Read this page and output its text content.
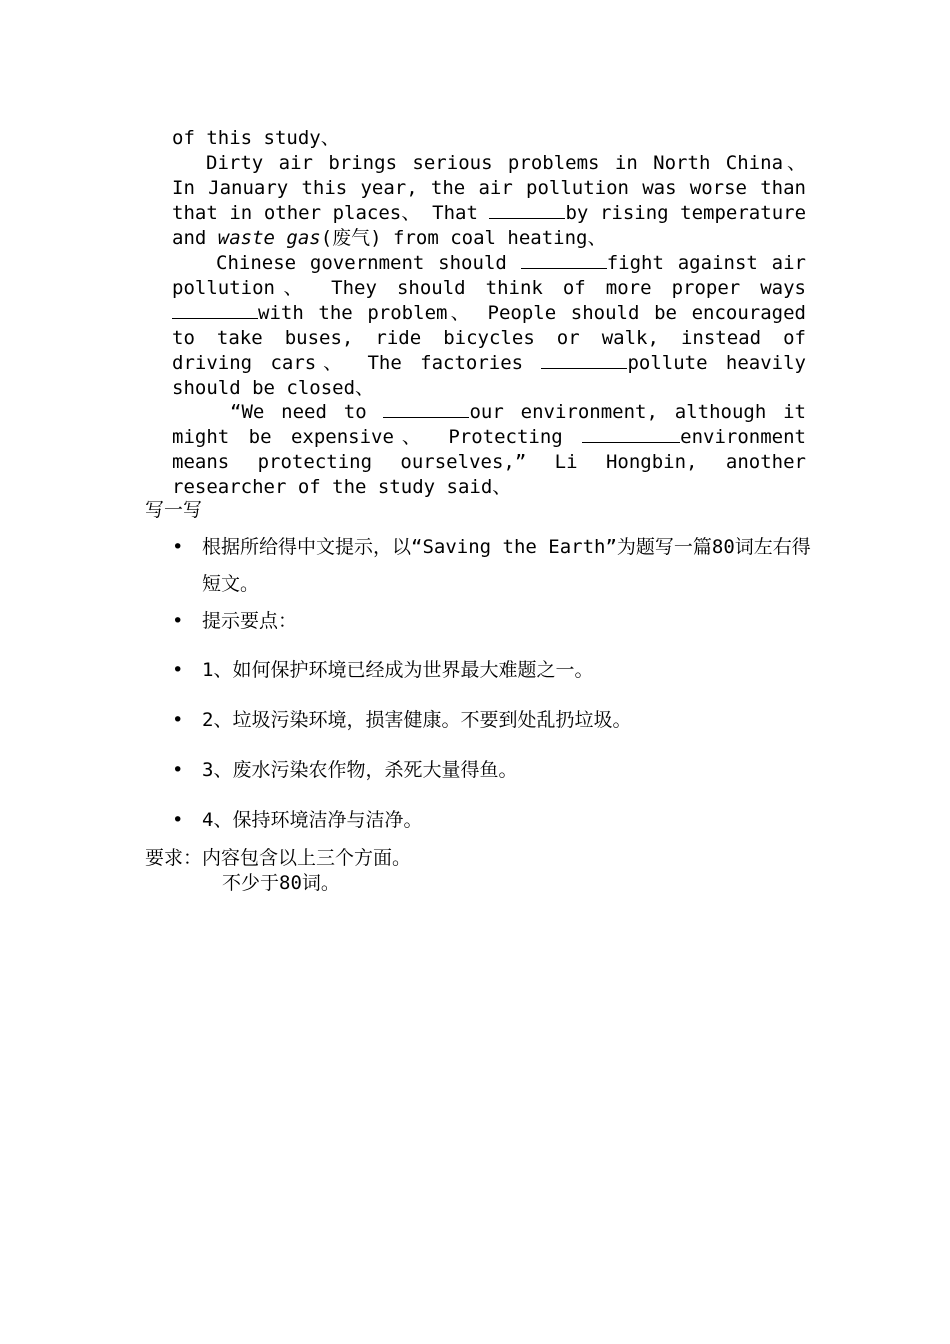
of this study、

Dirty air brings serious problems in North China、 In January this year, the air pollution was worse than that in other places、 That	by rising temperature and waste gas(废气) from coal heating、

Chinese government should	fight against air pollution、 They should think of more proper ways with the problem、 People should be encouraged to take buses, ride bicycles or walk, instead of driving cars、 The factories	pollute heavily should be closed、

“We need to	our environment, although it might be expensive、 Protecting	environment means protecting ourselves,” Li Hongbin, another researcher of the study said、

写一写
• 根据所给得中文提示，以“Saving the Earth”为题写一篇80词左右得短文。
• 提示要点：
• 1、如何保护环境已经成为世界最大难题之一。
• 2、垃圾污染环境，损害健康。不要到处乱扔垃圾。
• 3、废水污染农作物，杀死大量得鱼。
• 4、保持环境洁净与洁净。
要求：内容包含以上三个方面。
不少于80词。
